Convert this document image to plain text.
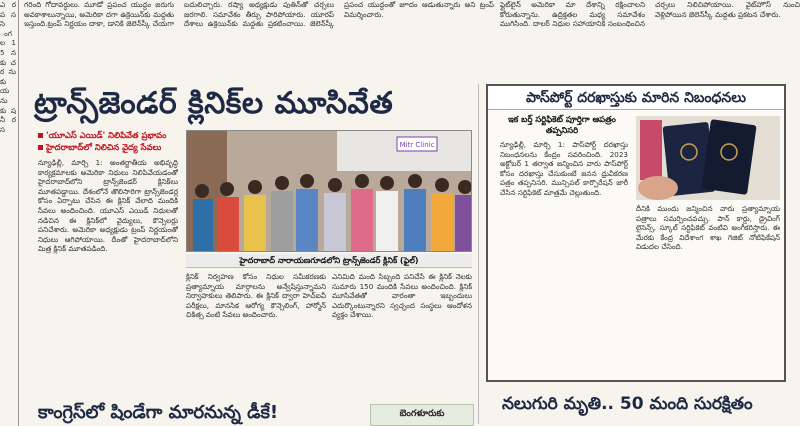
ఎ ర ప స సె ంగ ల 15 న కు చ ర ను కు య ను కు ష నీ ర స
గరింది గోదావర్ధులు. మూడో ప్రపంచ యుద్ధం జరుగు అవకాశాలున్నాయి, అమెరికా దగా ఉక్రెయిన్‌కు మద్దతు ఇస్తుంది.ట్రంప్ నిర్ణయం దాకా, డానికి జెలెన్‌స్కీ చేయగా బదులిచ్చారు. రష్యా అధ్యక్షుడు పుతిన్‌తో చర్చలు జరగాలి. సమావేశం తీర్చు పారిపోయారు. యూరప్ దేశాలు ఉక్రెయిన్‌కు మద్దతు ప్రకటించాయి. జెలెన్‌స్కీ ప్రపంచ యుద్ధంతో జూదం ఆడుతున్నారు అని ట్రంప్ విమర్శించారు.
ఫ్లైట్‌లైన్ అమెరికా మా దేశాన్ని రక్షించాలని కోరుతున్నాను. ఉద్రిక్తతల మధ్య సమావేశం ముగిసింది. దాలర్ నిధుల సహాయానికి సంబంధించిన చర్చలు నిలిచిపోయాయి. వైట్‌హౌస్ నుంచి వెళ్లిపోయిన జెలెన్‌స్కీ మద్దతు ప్రకటన చేశారు.
ట్రాన్స్‌జెండర్ క్లినిక్‌ల మూసివేత
'యూఎస్ ఎయిడ్' నిలిపివేత ప్రభావం
హైదరాబాద్‌లో నిలిచిన వైద్య సేవలు
న్యూఢిల్లీ, మార్చి 1: అంతర్జాతీయ అభివృద్ధి కార్యక్రమాలకు అమెరికా నిధులు నిలిపివేయడంతో హైదరాబాద్‌లోని ట్రాన్స్‌జెండర్ క్లినిక్‌లు మూతపడ్డాయి. దేశంలోనే తొలిసారిగా ట్రాన్స్‌జెండర్ల కోసం ఏర్పాటు చేసిన ఈ క్లినిక్ వేలాది మందికి సేవలు అందించింది. యూఎస్ ఎయిడ్ నిధులతో నడిచిన ఈ క్లినిక్‌లో వైద్యులు, కౌన్సెలర్లు పనిచేశారు. అమెరికా అధ్యక్షుడు ట్రంప్ నిర్ణయంతో నిధులు ఆగిపోయాయి. దీంతో హైదరాబాద్‌లోని మిత్ర క్లినిక్ మూతపడింది.
Mitr Clinic
హైదరాబాద్ నారాయణగూడలోని ట్రాన్స్‌జెండర్ క్లినిక్ (ఫైల్)
క్లినిక్ నిర్వహణ కోసం నిధుల సమీకరణకు ప్రత్యామ్నాయ మార్గాలను అన్వేషిస్తున్నామని నిర్వాహకులు తెలిపారు. ఈ క్లినిక్ ద్వారా హెచ్ఐవీ పరీక్షలు, మానసిక ఆరోగ్య కౌన్సెలింగ్, హార్మోన్ చికిత్స వంటి సేవలు అందించారు.
ఎనిమిది మంది సిబ్బంది పనిచేసే ఈ క్లినిక్ నెలకు సుమారు 150 మందికి సేవలు అందించింది. క్లినిక్ మూసివేతతో వారంతా ఇబ్బందులు ఎదుర్కొంటున్నారని స్వచ్ఛంద సంస్థలు ఆందోళన వ్యక్తం చేశాయి.
కాంగ్రెస్‌లో షిండేగా మారనున్న డీకే!	బెంగళూరుకు
పాస్‌పోర్ట్ దరఖాస్తుకు మారిన నిబంధనలు
ఇక బర్త్ సర్టిఫికెట్ పూర్తిగా ఆపత్రం తప్పనిసరి
న్యూఢిల్లీ, మార్చి 1: పాస్‌పోర్ట్ దరఖాస్తు నిబంధనలను కేంద్రం సవరించింది. 2023 అక్టోబర్ 1 తర్వాత జన్మించిన వారు పాస్‌పోర్ట్ కోసం దరఖాస్తు చేసుకుంటే జనన ధ్రువీకరణ పత్రం తప్పనిసరి. మున్సిపల్ కార్పొరేషన్ జారీ చేసిన సర్టిఫికెట్ మాత్రమే చెల్లుతుంది.
దీనికి ముందు జన్మించిన వారు ప్రత్యామ్నాయ పత్రాలు సమర్పించవచ్చు. పాన్ కార్డు, డ్రైవింగ్ లైసెన్స్, స్కూల్ సర్టిఫికెట్ వంటివి అంగీకరిస్తారు. ఈ మేరకు కేంద్ర విదేశాంగ శాఖ గెజిట్ నోటిఫికేషన్ విడుదల చేసింది.
నలుగురి మృతి.. 50 మంది సురక్షితం
